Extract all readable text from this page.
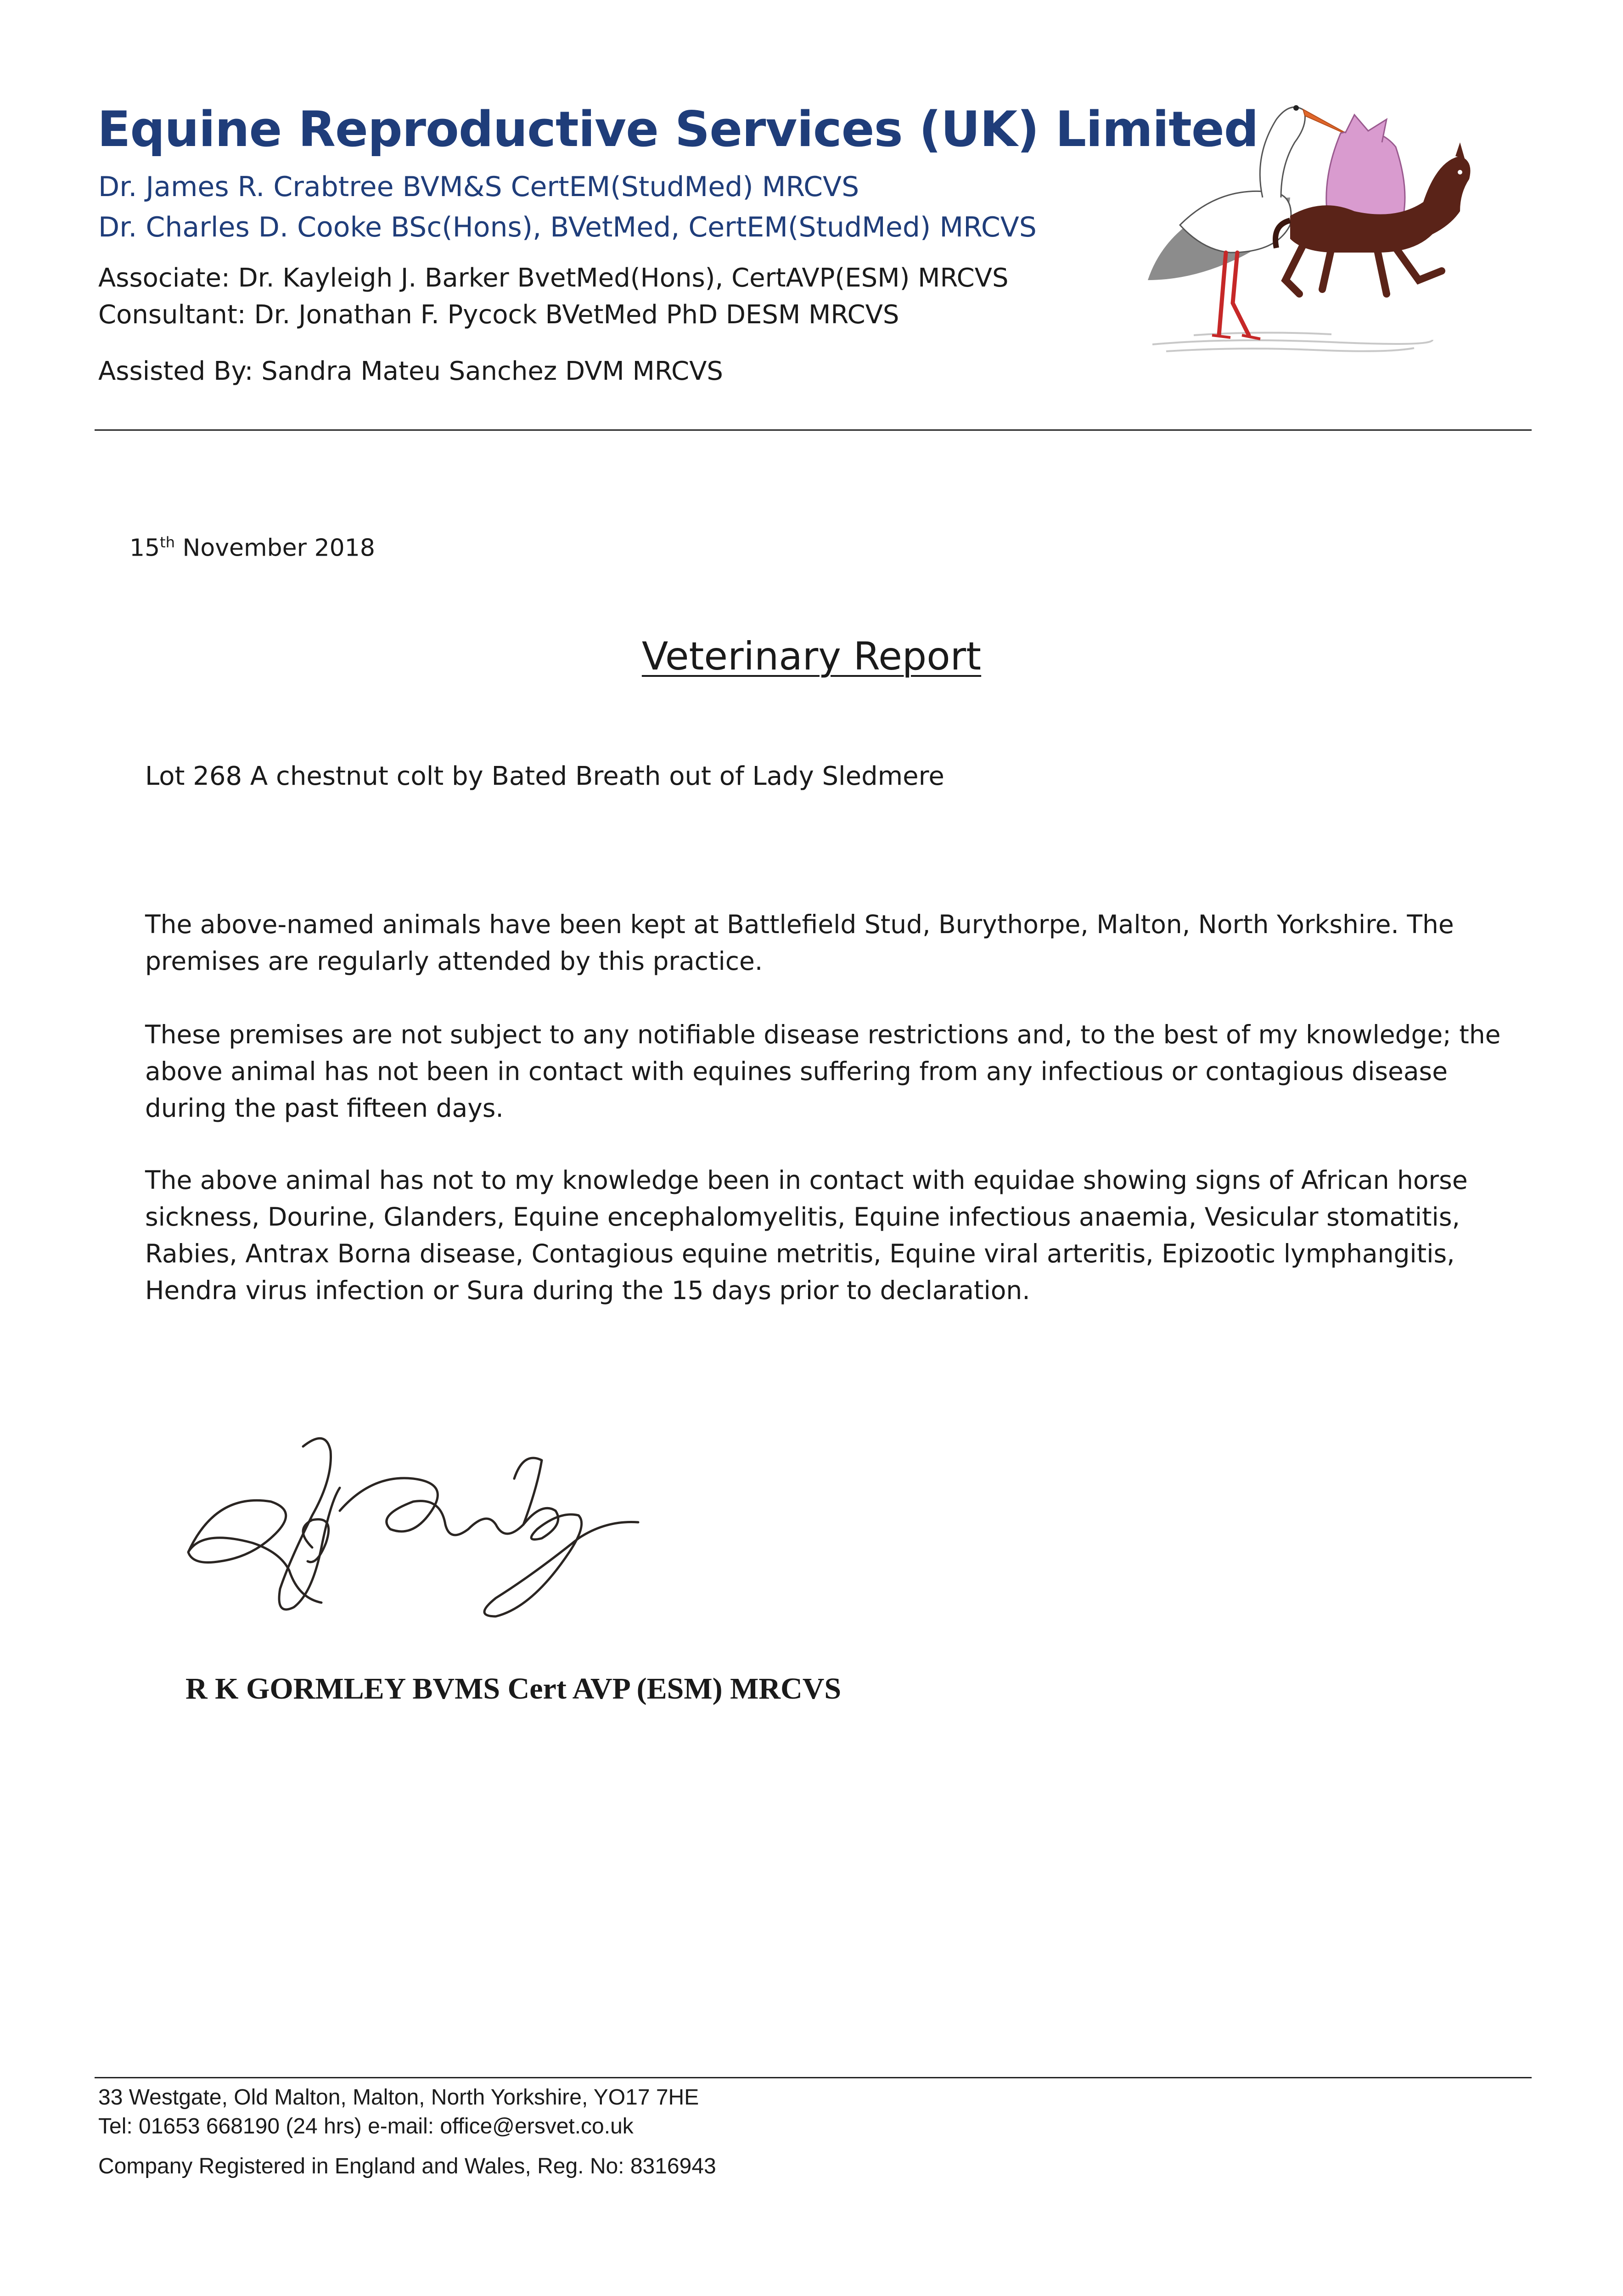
Equine Reproductive Services (UK) Limited
Dr. James R. Crabtree BVM&S CertEM(StudMed) MRCVS
Dr. Charles D. Cooke BSc(Hons), BVetMed, CertEM(StudMed) MRCVS
Associate: Dr. Kayleigh J. Barker BvetMed(Hons), CertAVP(ESM) MRCVS
Consultant: Dr. Jonathan F. Pycock BVetMed PhD DESM MRCVS
Assisted By: Sandra Mateu Sanchez DVM MRCVS
15th November 2018
Veterinary Report
Lot 268 A chestnut colt by Bated Breath out of Lady Sledmere
The above-named animals have been kept at Battlefield Stud, Burythorpe, Malton, North Yorkshire. The premises are regularly attended by this practice.
These premises are not subject to any notifiable disease restrictions and, to the best of my knowledge; the above animal has not been in contact with equines suffering from any infectious or contagious disease during the past fifteen days.
The above animal has not to my knowledge been in contact with equidae showing signs of African horse sickness, Dourine, Glanders, Equine encephalomyelitis, Equine infectious anaemia, Vesicular stomatitis, Rabies, Antrax Borna disease, Contagious equine metritis, Equine viral arteritis, Epizootic lymphangitis, Hendra virus infection or Sura during the 15 days prior to declaration.
R K GORMLEY BVMS Cert AVP (ESM) MRCVS
33 Westgate, Old Malton, Malton, North Yorkshire, YO17 7HE
Tel: 01653 668190 (24 hrs) e-mail: office@ersvet.co.uk
Company Registered in England and Wales, Reg. No: 8316943
